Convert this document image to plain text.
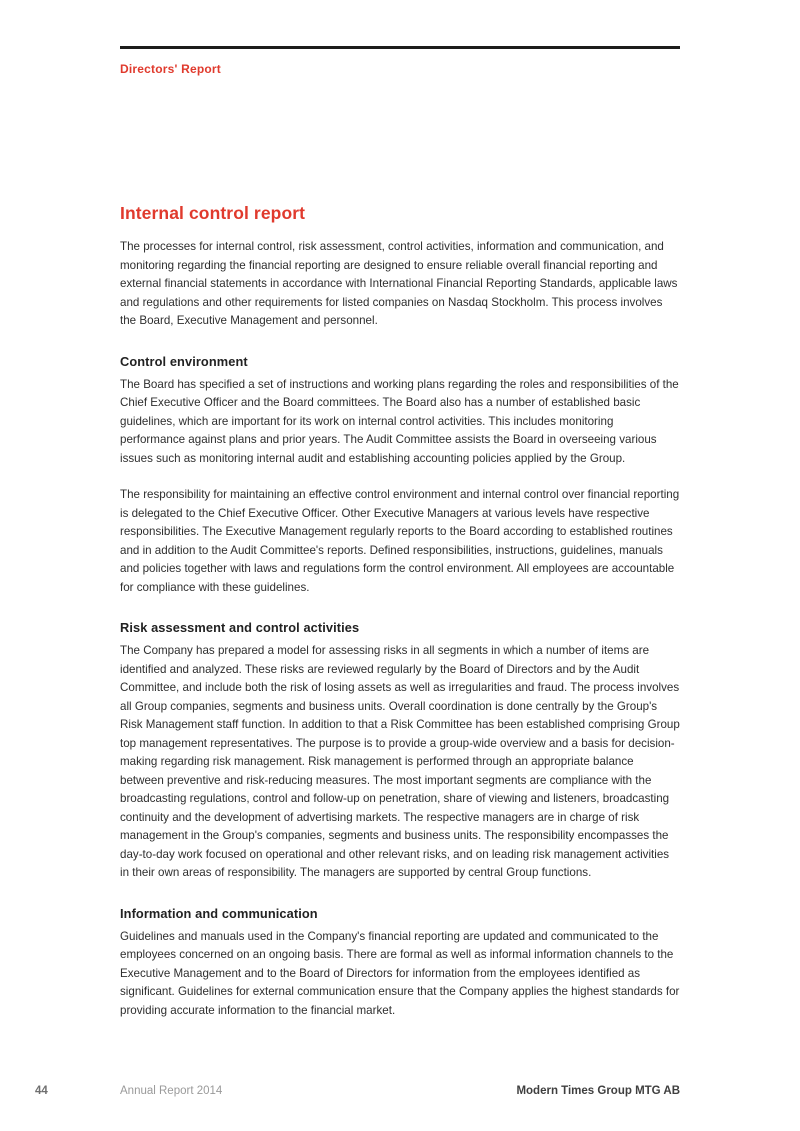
Directors' Report
Internal control report

The processes for internal control, risk assessment, control activities, information and communication, and monitoring regarding the financial reporting are designed to ensure reliable overall financial reporting and external financial statements in accordance with International Financial Reporting Standards, applicable laws and regulations and other requirements for listed companies on Nasdaq Stockholm. This process involves the Board, Executive Management and personnel.

Control environment

The Board has specified a set of instructions and working plans regarding the roles and responsibilities of the Chief Executive Officer and the Board committees. The Board also has a number of established basic guidelines, which are important for its work on internal control activities. This includes monitoring performance against plans and prior years. The Audit Committee assists the Board in overseeing various issues such as monitoring internal audit and establishing accounting policies applied by the Group.

The responsibility for maintaining an effective control environment and internal control over financial reporting is delegated to the Chief Executive Officer. Other Executive Managers at various levels have respective responsibilities. The Executive Management regularly reports to the Board according to established routines and in addition to the Audit Committee's reports. Defined responsibilities, instructions, guidelines, manuals and policies together with laws and regulations form the control environment. All employees are accountable for compliance with these guidelines.

Risk assessment and control activities

The Company has prepared a model for assessing risks in all segments in which a number of items are identified and analyzed. These risks are reviewed regularly by the Board of Directors and by the Audit Committee, and include both the risk of losing assets as well as irregularities and fraud. The process involves all Group companies, segments and business units. Overall coordination is done centrally by the Group's Risk Management staff function. In addition to that a Risk Committee has been established comprising Group top management representatives. The purpose is to provide a group-wide overview and a basis for decision-making regarding risk management. Risk management is performed through an appropriate balance between preventive and risk-reducing measures. The most important segments are compliance with the broadcasting regulations, control and follow-up on penetration, share of viewing and listeners, broadcasting continuity and the development of advertising markets. The respective managers are in charge of risk management in the Group's companies, segments and business units. The responsibility encompasses the day-to-day work focused on operational and other relevant risks, and on leading risk management activities in their own areas of responsibility. The managers are supported by central Group functions.

Information and communication

Guidelines and manuals used in the Company's financial reporting are updated and communicated to the employees concerned on an ongoing basis. There are formal as well as informal information channels to the Executive Management and to the Board of Directors for information from the employees identified as significant. Guidelines for external communication ensure that the Company applies the highest standards for providing accurate information to the financial market.

44	Annual Report 2014	Modern Times Group MTG AB
